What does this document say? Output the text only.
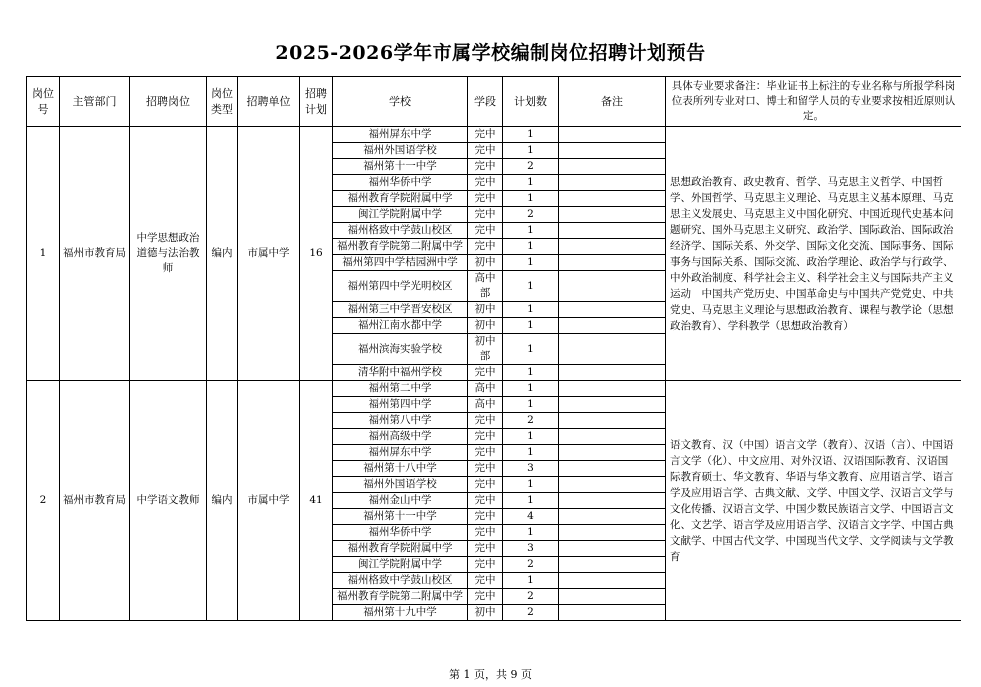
2025-2026学年市属学校编制岗位招聘计划预告
岗位号	主管部门	招聘岗位	岗位类型	招聘单位	招聘计划	学校	学段	计划数	备注	具体专业要求备注：毕业证书上标注的专业名称与所报学科岗位表所列专业对口、博士和留学人员的专业要求按相近原则认定。
1	福州市教育局	中学思想政治道德与法治教师	编内	市属中学	16	福州屏东中学	完中	1		思想政治教育、政史教育、哲学、马克思主义哲学、中国哲学、外国哲学、马克思主义理论、马克思主义基本原理、马克思主义发展史、马克思主义中国化研究、中国近现代史基本问题研究、国外马克思主义研究、政治学、国际政治、国际政治经济学、国际关系、外交学、国际文化交流、国际事务、国际事务与国际关系、国际交流、政治学理论、政治学与行政学、中外政治制度、科学社会主义、科学社会主义与国际共产主义运动　中国共产党历史、中国革命史与中国共产党党史、中共党史、马克思主义理论与思想政治教育、课程与教学论（思想政治教育）、学科教学（思想政治教育）
						福州外国语学校	完中	1		
						福州第十一中学	完中	2		
						福州华侨中学	完中	1		
						福州教育学院附属中学	完中	1		
						闽江学院附属中学	完中	2		
						福州格致中学鼓山校区	完中	1		
						福州教育学院第二附属中学	完中	1		
						福州第四中学桔园洲中学	初中	1		
						福州第四中学光明校区	高中部	1		
						福州第三中学晋安校区	初中	1		
						福州江南水都中学	初中	1		
						福州滨海实验学校	初中部	1		
						清华附中福州学校	完中	1		
2	福州市教育局	中学语文教师	编内	市属中学	41	福州第二中学	高中	1		语文教育、汉（中国）语言文学（教育）、汉语（言）、中国语言文学（化）、中文应用、对外汉语、汉语国际教育、汉语国际教育硕士、华文教育、华语与华文教育、应用语言学、语言学及应用语言学、古典文献、文学、中国文学、汉语言文学与文化传播、汉语言文学、中国少数民族语言文学、中国语言文化、文艺学、语言学及应用语言学、汉语言文字学、中国古典文献学、中国古代文学、中国现当代文学、文学阅读与文学教育
						福州第四中学	高中	1		
						福州第八中学	完中	2		
						福州高级中学	完中	1		
						福州屏东中学	完中	1		
						福州第十八中学	完中	3		
						福州外国语学校	完中	1		
						福州金山中学	完中	1		
						福州第十一中学	完中	4		
						福州华侨中学	完中	1		
						福州教育学院附属中学	完中	3		
						闽江学院附属中学	完中	2		
						福州格致中学鼓山校区	完中	1		
						福州教育学院第二附属中学	完中	2		
						福州第十九中学	初中	2		
第 1 页，共 9 页
